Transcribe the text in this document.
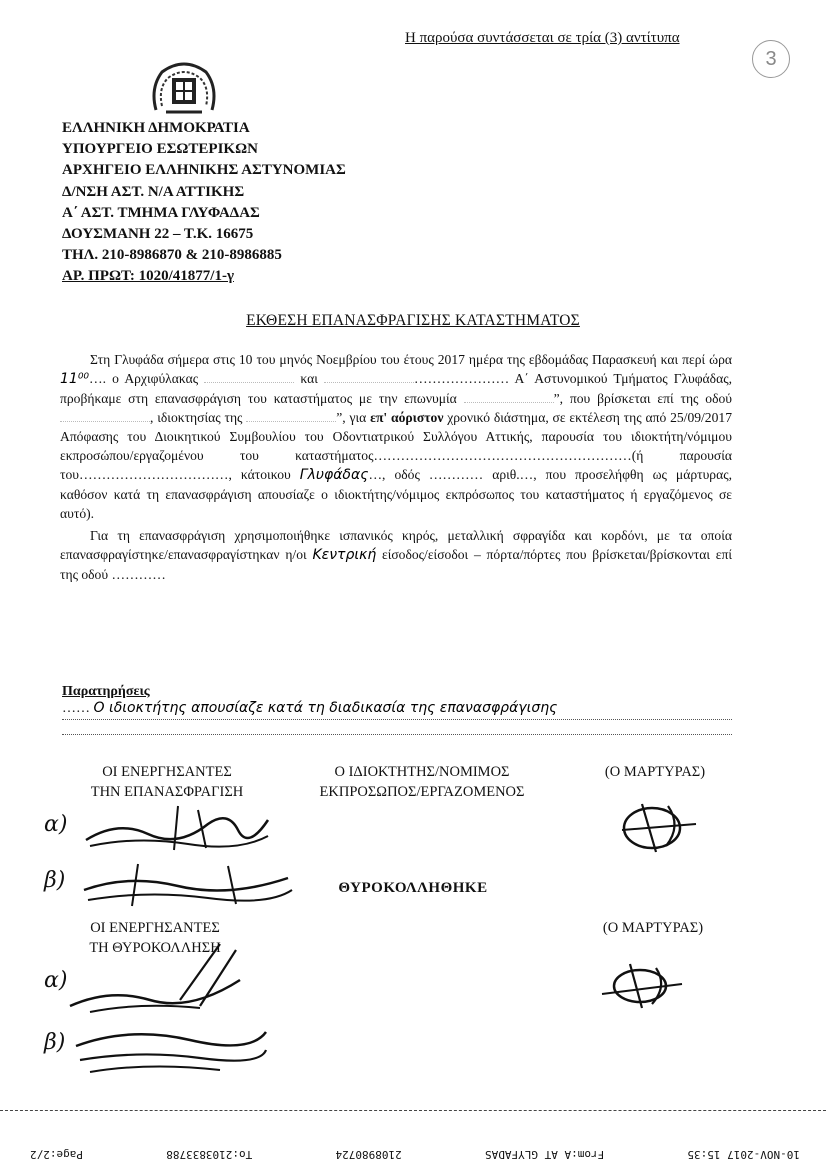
Η παρούσα συντάσσεται σε τρία (3) αντίτυπα
3
ΕΛΛΗΝΙΚΗ ΔΗΜΟΚΡΑΤΙΑ
ΥΠΟΥΡΓΕΙΟ ΕΣΩΤΕΡΙΚΩΝ
ΑΡΧΗΓΕΙΟ ΕΛΛΗΝΙΚΗΣ ΑΣΤΥΝΟΜΙΑΣ
Δ/ΝΣΗ ΑΣΤ. Ν/Α ΑΤΤΙΚΗΣ
Α΄ ΑΣΤ. ΤΜΗΜΑ ΓΛΥΦΑΔΑΣ
ΔΟΥΣΜΑΝΗ 22 – Τ.Κ. 16675
ΤΗΛ. 210-8986870 & 210-8986885
ΑΡ. ΠΡΩΤ: 1020/41877/1-γ
ΕΚΘΕΣΗ ΕΠΑΝΑΣΦΡΑΓΙΣΗΣ ΚΑΤΑΣΤΗΜΑΤΟΣ

Στη Γλυφάδα σήμερα στις 10 του μηνός Νοεμβρίου του έτους 2017 ημέρα της εβδομάδας Παρασκευή και περί ώρα 11⁰⁰…. ο Αρχιφύλακας	και	………………… Α΄ Αστυνομικού Τμήματος Γλυφάδας, προβήκαμε στη επανασφράγιση του καταστήματος με την επωνυμία	”, που βρίσκεται επί της οδού , ιδιοκτησίας της	”, για επ' αόριστον χρονικό διάστημα, σε εκτέλεση της από 25/09/2017 Απόφασης του Διοικητικού Συμβουλίου του Οδοντιατρικού Συλλόγου Αττικής, παρουσία του ιδιοκτήτη/νόμιμου εκπροσώπου/εργαζομένου του καταστήματος…………………………………………………(ή παρουσία του……………………………, κάτοικου Γλυφάδας…, οδός ………… αριθ.…, που προσελήφθη ως μάρτυρας, καθόσον κατά τη επανασφράγιση απουσίαζε ο ιδιοκτήτης/νόμιμος εκπρόσωπος του καταστήματος ή εργαζόμενος σε αυτό).

Για τη επανασφράγιση χρησιμοποιήθηκε ισπανικός κηρός, μεταλλική σφραγίδα και κορδόνι, με τα οποία επανασφραγίστηκε/επανασφραγίστηκαν η/οι Κεντρική είσοδος/είσοδοι – πόρτα/πόρτες που βρίσκεται/βρίσκονται επί της οδού …………

Παρατηρήσεις
…… Ο ιδιοκτήτης απουσίαζε κατά τη διαδικασία της επανασφράγισης
ΟΙ ΕΝΕΡΓΗΣΑΝΤΕΣ
ΤΗΝ ΕΠΑΝΑΣΦΡΑΓΙΣΗ
Ο ΙΔΙΟΚΤΗΤΗΣ/ΝΟΜΙΜΟΣ
ΕΚΠΡΟΣΩΠΟΣ/ΕΡΓΑΖΟΜΕΝΟΣ
(Ο ΜΑΡΤΥΡΑΣ)
α)
β)	ΘΥΡΟΚΟΛΛΗΘΗΚΕ
ΟΙ ΕΝΕΡΓΗΣΑΝΤΕΣ
ΤΗ ΘΥΡΟΚΟΛΛΗΣΗ
(Ο ΜΑΡΤΥΡΑΣ)
α)
β)
10-NOV-2017 15:35
From:A AT GLYFADAS
2108980724
To:2103833788
Page:2/2
